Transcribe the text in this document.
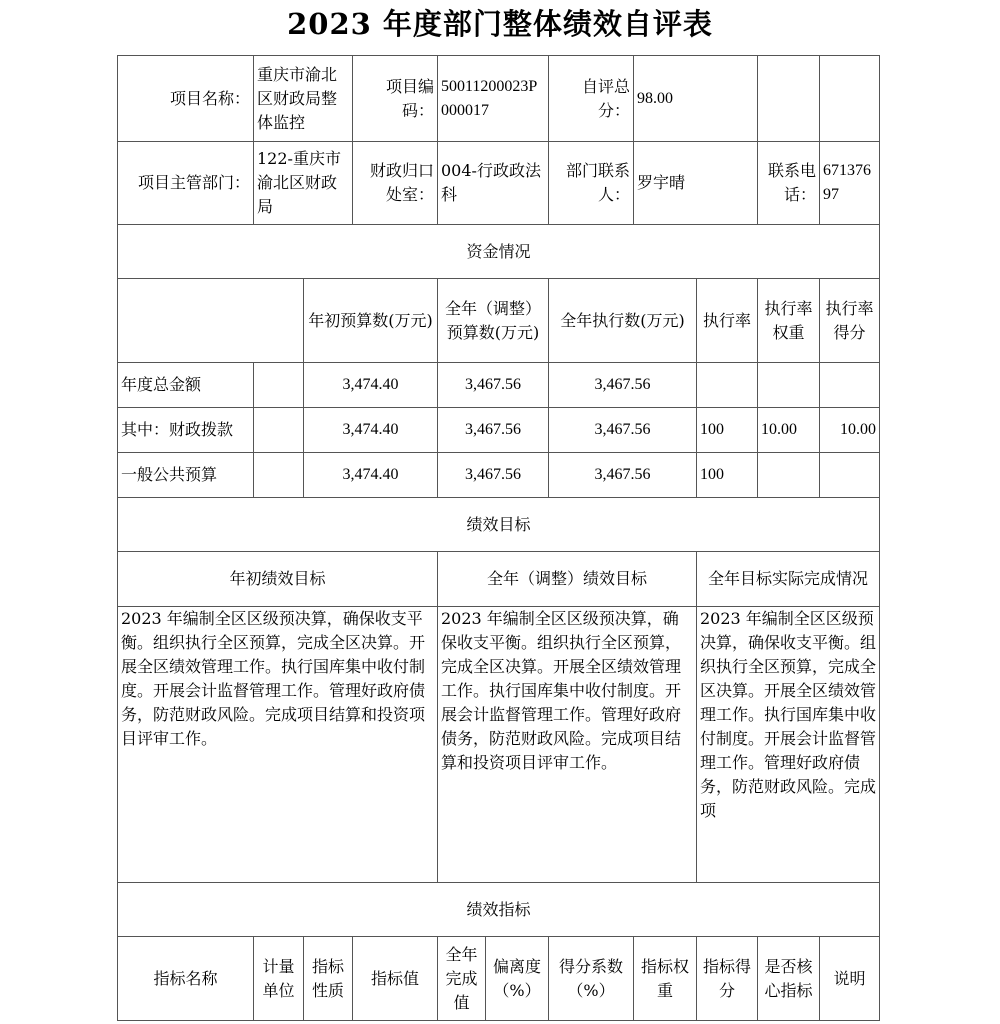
2023 年度部门整体绩效自评表
项目名称：	重庆市渝北区财政局整体监控		项目编码：	50011200023P000017		自评总分：	98.00			
项目主管部门：	122-重庆市渝北区财政局		财政归口处室：	004-行政政法科		部门联系人：	罗宇晴		联系电话：	67137697
资金情况										
		年初预算数(万元)		全年（调整）预算数(万元)		全年执行数(万元)		执行率	执行率权重	执行率得分
年度总金额		3,474.40		3,467.56		3,467.56				
其中：财政拨款		3,474.40		3,467.56		3,467.56		100	10.00	10.00
一般公共预算		3,474.40		3,467.56		3,467.56		100		
绩效目标										
年初绩效目标				全年（调整）绩效目标				全年目标实际完成情况		
2023 年编制全区区级预决算，确保收支平衡。组织执行全区预算，完成全区决算。开展全区绩效管理工作。执行国库集中收付制度。开展会计监督管理工作。管理好政府债务，防范财政风险。完成项目结算和投资项目评审工作。				2023 年编制全区区级预决算，确保收支平衡。组织执行全区预算，完成全区决算。开展全区绩效管理工作。执行国库集中收付制度。开展会计监督管理工作。管理好政府债务，防范财政风险。完成项目结算和投资项目评审工作。				2023 年编制全区区级预决算，确保收支平衡。组织执行全区预算，完成全区决算。开展全区绩效管理工作。执行国库集中收付制度。开展会计监督管理工作。管理好政府债务，防范财政风险。完成项		
绩效指标										
指标名称	计量单位	指标性质	指标值	全年完成值	偏离度（%）	得分系数（%）	指标权重	指标得分	是否核心指标	说明
